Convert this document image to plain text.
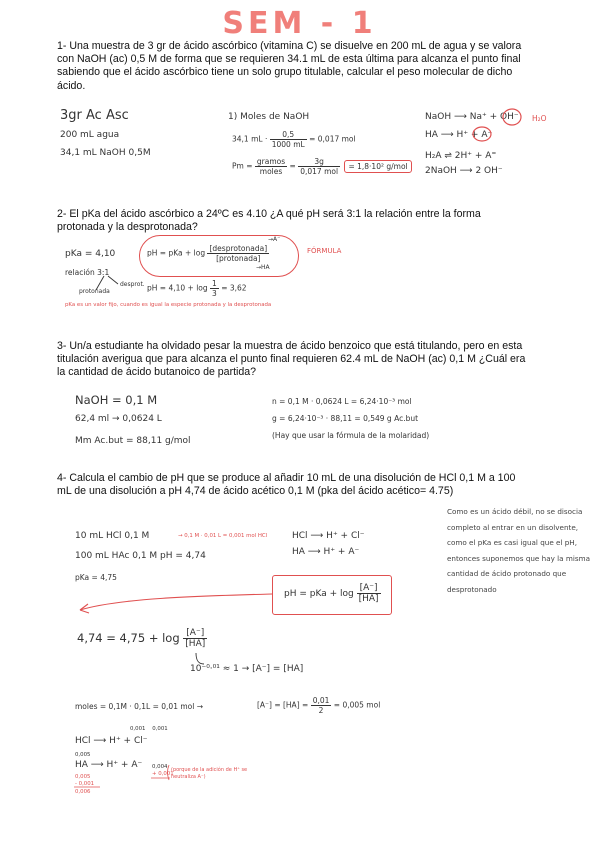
SEM - 1
1- Una muestra de 3 gr de ácido ascórbico (vitamina C) se disuelve en 200 mL de agua y se valora con NaOH (ac) 0,5 M de forma que se requieren 34.1 mL de esta última para alcanza el punto final sabiendo que el ácido ascórbico tiene un solo grupo titulable, calcular el peso molecular de dicho ácido.
3gr Ac Asc
200 mL agua
34,1 mL NaOH 0,5M
1) Moles de NaOH
34,1 mL · $\frac{0,5}{1000 mL} = 0,017$ mol
$Pm = \frac{\text{gramos}}{\text{moles}} = \frac{3g}{\text{0,017 mol}} = 1,8\cdot 10^2$ g/mol
NaOH ⟶ Na⁺ + OH⁻ H₂O
HA ⟶ H⁺ + A⁻
H₂A ⇌ 2H⁺ + A⁼
2NaOH ⟶ 2 OH⁻
2- El pKa del ácido ascórbico a 24ºC es 4.10 ¿A qué pH será 3:1 la relación entre la forma protonada y la desprotonada?
pKa = 4,10
relación 3:1
desprot.
protonada
pH = pKa + $\log \frac{\text{[desprotonada]}}{\text{[protonada]}}$
→A⁻
→HA
FÓRMULA
pH = $4,10 + \log \frac{1}{3} = 3,62$
pKa es un valor fijo, cuando es igual la especie protonada y la desprotonada
3- Un/a estudiante ha olvidado pesar la muestra de ácido benzoico que está titulando, pero en esta titulación averigua que para alcanza el punto final requieren 62.4 mL de NaOH (ac) 0,1 M ¿Cuál era la cantidad de ácido butanoico de partida?
NaOH = 0,1 M
62,4 ml → 0,0624 L
Mm Ac.but = 88,11 g/mol
n = 0,1 M · 0,0624 L = 6,24·10⁻³ mol
g = 6,24·10⁻³ · 88,11 = 0,549 g Ac.but
(Hay que usar la fórmula de la molaridad)
4- Calcula el cambio de pH que se produce al añadir 10 mL de una disolución de HCl 0,1 M a 100 mL de una disolución a pH 4,74 de ácido acético 0,1 M (pka del ácido acético= 4.75)
10 mL HCl 0,1 M	→ 0,1 M · 0,01 L = 0,001 mol HCl
100 mL HAc 0,1 M pH = 4,74
pKa = 4,75
HCl ⟶ H⁺ + Cl⁻
HA ⟶ H⁺ + A⁻
pH = pKa + $\log \frac{[A^-]}{[HA]}$
$4,74 = 4,75 + \log \frac{[A^-]}{[HA]}$
10⁻⁰·⁰¹ ≈ 1 → [A⁻] = [HA]
moles = 0,1M · 0,1L = 0,01 mol →	$[A^-] = [HA] = \frac{0,01}{2} = 0,005$ mol
0,001    0,001
HCl ⟶ H⁺ + Cl⁻
0,005
HA ⟶ H⁺ + A⁻
0,005
- 0,001
0,006
0,004
+ 0,001
(porque de la adición de H⁺ se neutraliza A⁻)
Como es un ácido débil, no se disocia completo al entrar en un disolvente, como el pKa es casi igual que el pH, entonces suponemos que hay la misma cantidad de ácido protonado que desprotonado
